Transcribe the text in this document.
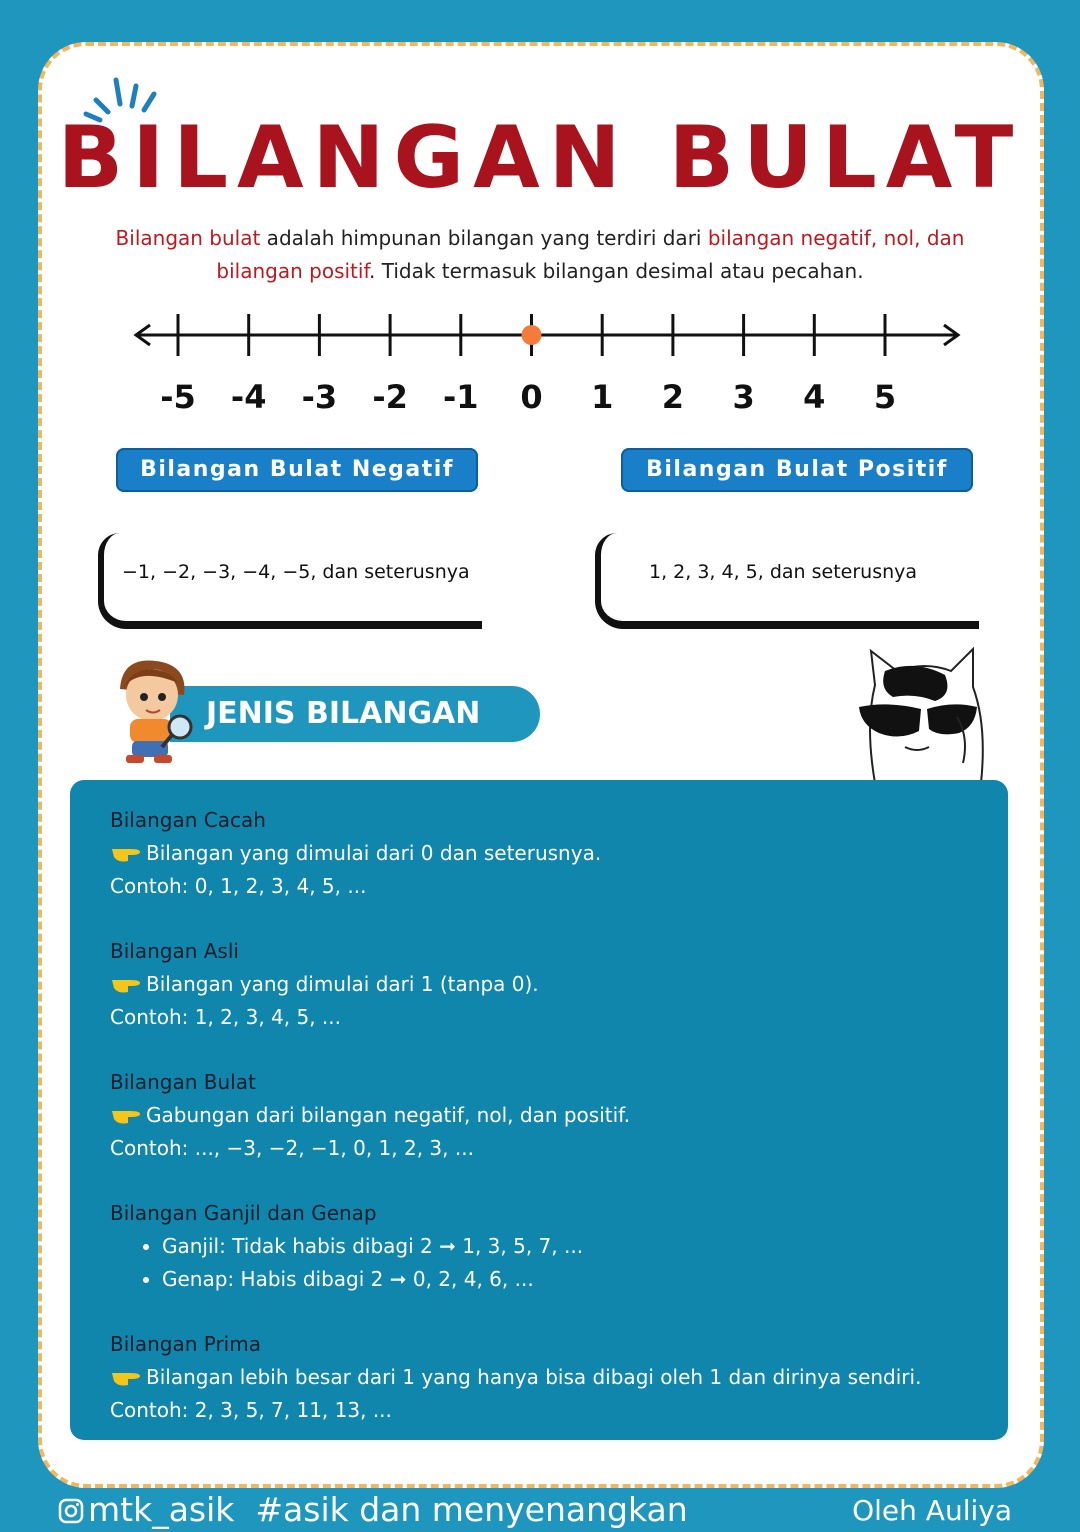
BILANGAN BULAT
Bilangan bulat adalah himpunan bilangan yang terdiri dari bilangan negatif, nol, dan bilangan positif. Tidak termasuk bilangan desimal atau pecahan.
-5 -4 -3 -2 -1 0 1 2 3 4 5
Bilangan Bulat Negatif	Bilangan Bulat Positif
−1, −2, −3, −4, −5, dan seterusnya	1, 2, 3, 4, 5, dan seterusnya
JENIS BILANGAN
Bilangan Cacah
Bilangan yang dimulai dari 0 dan seterusnya.
Contoh: 0, 1, 2, 3, 4, 5, ...
Bilangan Asli
Bilangan yang dimulai dari 1 (tanpa 0).
Contoh: 1, 2, 3, 4, 5, ...
Bilangan Bulat
Gabungan dari bilangan negatif, nol, dan positif.
Contoh: ..., −3, −2, −1, 0, 1, 2, 3, ...
Bilangan Ganjil dan Genap
• Ganjil: Tidak habis dibagi 2 ➞ 1, 3, 5, 7, ...
• Genap: Habis dibagi 2 ➞ 0, 2, 4, 6, ...
Bilangan Prima
Bilangan lebih besar dari 1 yang hanya bisa dibagi oleh 1 dan dirinya sendiri.
Contoh: 2, 3, 5, 7, 11, 13, ...
mtk_asik #asik dan menyenangkan	Oleh Auliya
